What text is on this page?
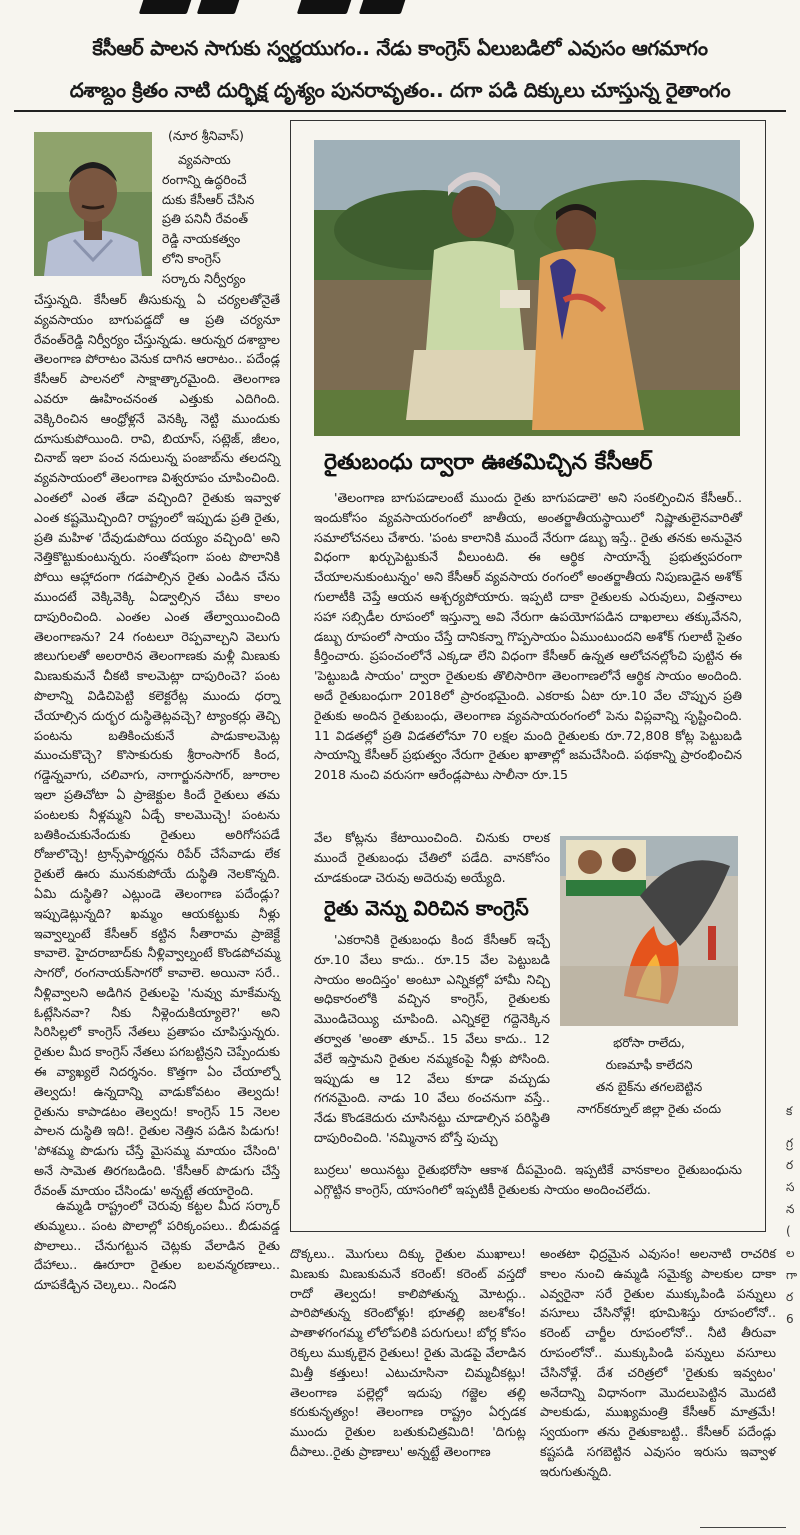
కేసీఆర్ పాలన సాగుకు స్వర్ణయుగం.. నేడు కాంగ్రెస్ ఏలుబడిలో ఎవుసం ఆగమాగం
దశాబ్దం క్రితం నాటి దుర్భిక్ష దృశ్యం పునరావృతం.. దగా పడి దిక్కులు చూస్తున్న రైతాంగం
(నూర శ్రీనివాస్)
వ్యవసాయ
రంగాన్ని ఉద్ధరించే
దుకు కేసీఆర్ చేసిన
ప్రతి పనినీ రేవంత్
రెడ్డి నాయకత్వం
లోని కాంగ్రెస్
సర్కారు నిర్వీర్యం

చేస్తున్నది. కేసీఆర్ తీసుకున్న ఏ చర్యలతోనైతే వ్యవసాయం బాగుపడ్డదో ఆ ప్రతి చర్యనూ రేవంత్‌రెడ్డి నిర్వీర్యం చేస్తున్నడు. ఆరున్నర దశాబ్దాల తెలంగాణ పోరాటం వెనుక దాగిన ఆరాటం.. పదేండ్ల కేసీఆర్ పాలనలో సాక్షాత్కారమైంది. తెలంగాణ ఎవరూ ఊహించనంత ఎత్తుకు ఎదిగింది. వెక్కిరించిన ఆంధ్రోళ్లనే వెనక్కి నెట్టి ముందుకు దూసుకుపోయింది. రావి, బియాస్, సట్లెజ్, జీలం, చినాబ్ ఇలా పంచ నదులున్న పంజాబ్‌ను తలదన్ని వ్యవసాయంలో తెలంగాణ విశ్వరూపం చూపించింది. ఎంతలో ఎంత తేడా వచ్చింది? రైతుకు ఇవ్వాళ ఎంత కష్టమొచ్చింది? రాష్ట్రంలో ఇప్పుడు ప్రతి రైతు, ప్రతి మహిళ 'దేవుడుపోయి దయ్యం వచ్చింది' అని నెత్తికొట్టుకుంటున్నరు. సంతోషంగా పంట పొలానికి పోయి ఆహ్లాదంగా గడపాల్సిన రైతు ఎండిన చేను ముందటే వెక్కివెక్కి ఏడ్వాల్సిన చేటు కాలం దాపురించింది. ఎంతల ఎంత తేల్వాయించింది తెలంగాణను? 24 గంటలూ రెప్పవాల్చని వెలుగు జిలుగులతో అలరారిన తెలంగాణకు మళ్లీ మిణుకు మిణుకుమనే చీకటి కాలమెట్లా దాపురించె? పంట పొలాన్ని విడిచిపెట్టి కలెక్టరేట్ల ముందు ధర్నా చేయాల్సిన దుర్భర దుస్థితెట్లవచ్చె? ట్యాంకర్లు తెచ్చి పంటను బతికించుకునే పాడుకాలమెట్ల ముంచుకొచ్చె? కొసాకురుకు శ్రీరాంసాగర్ కింద, గడ్డెన్నవాగు, చలివాగు, నాగార్జునసాగర్, జూరాల ఇలా ప్రతిచోటా ఏ ప్రాజెక్టుల కిందే రైతులు తమ పంటలకు నీళ్లమ్మని ఏడ్చే కాలమొచ్చె! పంటను బతికించుకునేందుకు రైతులు అరిగోసపడే రోజులొచ్చె! ట్రాన్స్‌ఫార్మర్లను రిపేర్ చేసేవాడు లేక రైతులే ఊరు మునకుపోయే దుస్థితి నెలకొన్నది. ఏమి దుస్థితి? ఎట్లుండె తెలంగాణ పదేండ్లు? ఇప్పుడెట్లున్నది? ఖమ్మం ఆయకట్టుకు నీళ్లు ఇవ్వాల్నంటే కేసీఆర్ కట్టిన సీతారామ ప్రాజెక్టే కావాలె. హైదరాబాద్‌కు నీళ్లివ్వాల్నంటే కొండపోచమ్మ సాగరో, రంగనాయక్‌సాగరో కావాలె. అయినా సరే.. నీళ్లివ్వాలని అడిగిన రైతులపై 'నువ్వు మాకేమన్న ఓట్లేసినవా? నీకు నీళ్లెందుకియ్యాలె?' అని సిరిసిల్లలో కాంగ్రెస్ నేతలు ప్రతాపం చూపిస్తున్నరు. రైతుల మీద కాంగ్రెస్ నేతలు పగబట్టిన్రని చెప్పేందుకు ఈ వ్యాఖ్యలే నిదర్శనం. కొత్తగా ఏం చేయాల్నో తెల్వదు! ఉన్నదాన్ని వాడుకోవటం తెల్వదు! రైతును కాపాడటం తెల్వదు! కాంగ్రెస్ 15 నెలల పాలన దుస్థితి ఇది!. రైతుల నెత్తిన పడిన పిడుగు! 'పోశమ్మ పొడుగు చేస్తే మైసమ్మ మాయం చేసింది' అనే సామెత తిరగబడింది. 'కేసీఆర్ పొడుగు చేస్తే రేవంత్ మాయం చేసిండు' అన్నట్టే తయారైంది.

ఉమ్మడి రాష్ట్రంలో చెరువు కట్టల మీద సర్కార్ తుమ్మలు.. పంట పొలాల్లో పరిక్కంపలు.. బీడువడ్డ పొలాలు.. చేనుగట్టున చెట్లకు వేలాడిన రైతు దేహాలు.. ఊరూరా రైతుల బలవన్మరణాలు.. దూపకేడ్చిన చెల్కలు.. నిండని

రైతుబంధు ద్వారా ఊతమిచ్చిన కేసీఆర్

'తెలంగాణ బాగుపడాలంటే ముందు రైతు బాగుపడాలె' అని సంకల్పించిన కేసీఆర్.. ఇందుకోసం వ్యవసాయరంగంలో జాతీయ, అంతర్జాతీయస్థాయిలో నిష్ణాతులైనవారితో సమాలోచనలు చేశారు. 'పంట కాలానికి ముందే నేరుగా డబ్బు ఇస్తే.. రైతు తనకు అనువైన విధంగా ఖర్చుపెట్టుకునే వీలుంటది. ఈ ఆర్థిక సాయాన్నే ప్రభుత్వపరంగా చేయాలనుకుంటున్నం' అని కేసీఆర్ వ్యవసాయ రంగంలో అంతర్జాతీయ నిపుణుడైన అశోక్ గులాటీకి చెప్తే ఆయన ఆశ్చర్యపోయారు. ఇప్పటి దాకా రైతులకు ఎరువులు, విత్తనాలు సహా సబ్సిడీల రూపంలో ఇస్తున్నా అవి నేరుగా ఉపయోగపడిన దాఖలాలు తక్కువేనని, డబ్బు రూపంలో సాయం చేస్తే దానికన్నా గొప్పసాయం ఏముంటుందని అశోక్ గులాటీ సైతం కీర్తించారు. ప్రపంచంలోనే ఎక్కడా లేని విధంగా కేసీఆర్ ఉన్నత ఆలోచనల్లోంచి పుట్టిన ఈ 'పెట్టుబడి సాయం' ద్వారా రైతులకు తొలిసారిగా తెలంగాణలోనే ఆర్థిక సాయం అందింది. అదే రైతుబంధుగా 2018లో ప్రారంభమైంది. ఎకరాకు ఏటా రూ.10 వేల చొప్పున ప్రతి రైతుకు అందిన రైతుబంధు, తెలంగాణ వ్యవసాయరంగంలో పెను విప్లవాన్ని సృష్టించింది. 11 విడతల్లో ప్రతి విడతలోనూ 70 లక్షల మంది రైతులకు రూ.72,808 కోట్ల పెట్టుబడి సాయాన్ని కేసీఆర్ ప్రభుత్వం నేరుగా రైతుల ఖాతాల్లో జమచేసింది. పథకాన్ని ప్రారంభించిన 2018 నుంచి వరుసగా ఆరేండ్లపాటు సాలీనా రూ.15

వేల కోట్లను కేటాయించింది. చినుకు రాలక ముందే రైతుబంధు చేతిలో పడేది. వానకోసం చూడకుండా చెరువు అదెరువు అయ్యేది.

రైతు వెన్ను విరిచిన కాంగ్రెస్

'ఎకరానికి రైతుబంధు కింద కేసీఆర్ ఇచ్చే రూ.10 వేలు కాదు.. రూ.15 వేల పెట్టుబడి సాయం అందిస్తం' అంటూ ఎన్నికల్లో హామీ నిచ్చి అధికారంలోకి వచ్చిన కాంగ్రెస్, రైతులకు మొండిచెయ్యి చూపింది. ఎన్నికలై గద్దెనెక్కిన తర్వాత 'అంతా తూచ్.. 15 వేలు కాదు.. 12 వేలే ఇస్తామని రైతుల నమ్మకంపై నీళ్లు పోసింది. ఇప్పుడు ఆ 12 వేలు కూడా వచ్చుడు గగనమైంది. నాడు 10 వేలు ఠంచనుగా వస్తే.. నేడు కొండకెదురు చూసినట్టు చూడాల్సిన పరిస్థితి దాపురించింది. 'నమ్మినాన బోస్తే పుచ్చు

భరోసా రాలేదు,
రుణమాఫీ కాలేదని
తన బైక్‌ను తగలబెట్టిన
నాగర్‌కర్నూల్ జిల్లా రైతు చందు

బుర్రలు' అయినట్టు రైతుభరోసా ఆకాశ దీపమైంది. ఇప్పటికే వానకాలం రైతుబంధును ఎగ్గొట్టిన కాంగ్రెస్, యాసంగిలో ఇప్పటికీ రైతులకు సాయం అందించలేదు.

దొక్కలు.. మొగులు దిక్కు రైతుల ముఖాలు! మిణుకు మిణుకుమనే కరెంట్! కరెంట్ వస్తదో రాదో తెల్వదు! కాలిపోతున్న మోటర్లు.. పారిపోతున్న కరెంటోళ్లు! భూతల్లి జలశోకం! పాతాళగంగమ్మ లోలోపలికి పరుగులు! బోర్ల కోసం రెక్కలు ముక్కలైన రైతులు! రైతు మెడపై వేలాడిన మిత్తీ కత్తులు! ఎటుచూసినా చిమ్మచీకట్లు! తెలంగాణ పల్లెల్లో ఇదుపు గజ్జెల తల్లి కరుకునృత్యం! తెలంగాణ రాష్ట్రం ఏర్పడక ముందు రైతుల బతుకుచిత్రమిది! 'దిగుట్ల దీపాలు..రైతు ప్రాణాలు' అన్నట్టే తెలంగాణ

అంతటా ఛిద్రమైన ఎవుసం! అలనాటి రాచరిక కాలం నుంచి ఉమ్మడి సమైక్య పాలకుల దాకా ఎవ్వరైనా సరే రైతుల ముక్కుపిండి పన్నులు వసూలు చేసినోళ్లే! భూమిశిస్తు రూపంలోనో.. కరెంట్ చార్జీల రూపంలోనో.. నీటి తీరువా రూపంలోనో.. ముక్కుపిండి పన్నులు వసూలు చేసినోళ్లే. దేశ చరిత్రలో 'రైతుకు ఇవ్వటం' అనేదాన్ని విధానంగా మొదలుపెట్టిన మొదటి పాలకుడు, ముఖ్యమంత్రి కేసీఆర్ మాత్రమే! స్వయంగా తను రైతుకాబట్టి.. కేసీఆర్ పదేండ్లు కష్టపడి సగబెట్టిన ఎవుసం ఇరుసు ఇవ్వాళ ఇరుగుతున్నది.

క
గ్ర
ర
స
న
(
ల
గా
ర
6
